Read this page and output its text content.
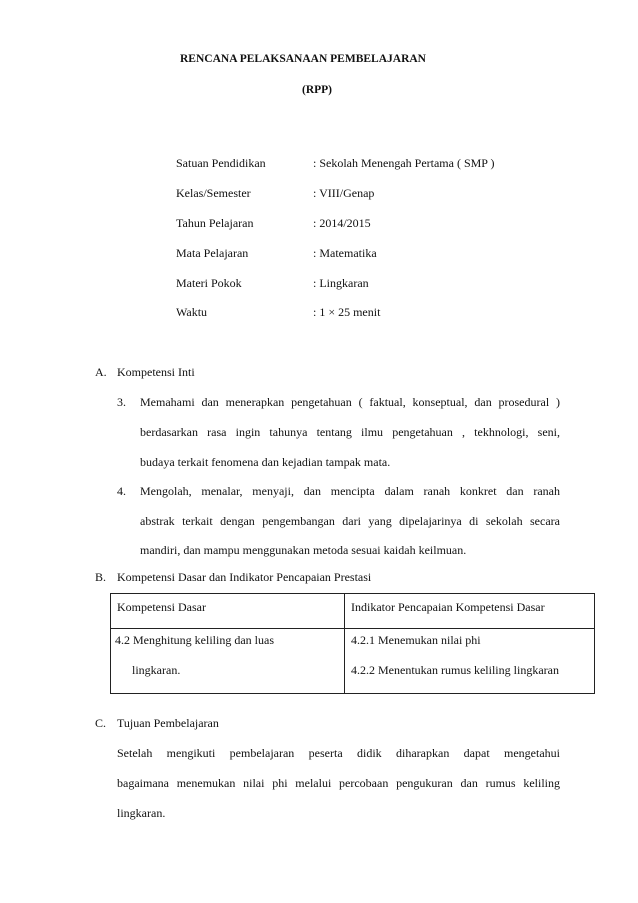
RENCANA PELAKSANAAN PEMBELAJARAN
(RPP)
Satuan Pendidikan	: Sekolah Menengah Pertama ( SMP )
Kelas/Semester	: VIII/Genap
Tahun Pelajaran	: 2014/2015
Mata Pelajaran	: Matematika
Materi Pokok	: Lingkaran
Waktu	: 1 × 25 menit
A. Kompetensi Inti
3. Memahami dan menerapkan pengetahuan ( faktual, konseptual, dan prosedural )
berdasarkan rasa ingin tahunya tentang ilmu pengetahuan , tekhnologi, seni,
budaya terkait fenomena dan kejadian tampak mata.
4. Mengolah, menalar, menyaji, dan mencipta dalam ranah konkret dan ranah
abstrak terkait dengan pengembangan dari yang dipelajarinya di sekolah secara
mandiri, dan mampu menggunakan metoda sesuai kaidah keilmuan.
B. Kompetensi Dasar dan Indikator Pencapaian Prestasi
Kompetensi Dasar	Indikator Pencapaian Kompetensi Dasar

4.2 Menghitung keliling dan luas
lingkaran.	4.2.1 Menemukan nilai phi
4.2.2 Menentukan rumus keliling lingkaran
C. Tujuan Pembelajaran
Setelah mengikuti pembelajaran peserta didik diharapkan dapat mengetahui
bagaimana menemukan nilai phi melalui percobaan pengukuran dan rumus keliling
lingkaran.
